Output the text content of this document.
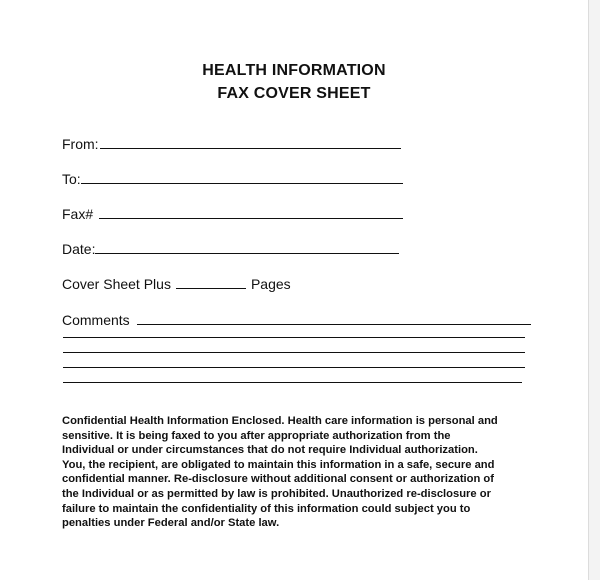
HEALTH INFORMATION
FAX COVER SHEET
From:
To:
Fax#
Date:
Cover Sheet Plus	Pages
Comments
Confidential Health Information Enclosed. Health care information is personal and
sensitive. It is being faxed to you after appropriate authorization from the
Individual or under circumstances that do not require Individual authorization.
You, the recipient, are obligated to maintain this information in a safe, secure and
confidential manner. Re-disclosure without additional consent or authorization of
the Individual or as permitted by law is prohibited. Unauthorized re-disclosure or
failure to maintain the confidentiality of this information could subject you to
penalties under Federal and/or State law.
